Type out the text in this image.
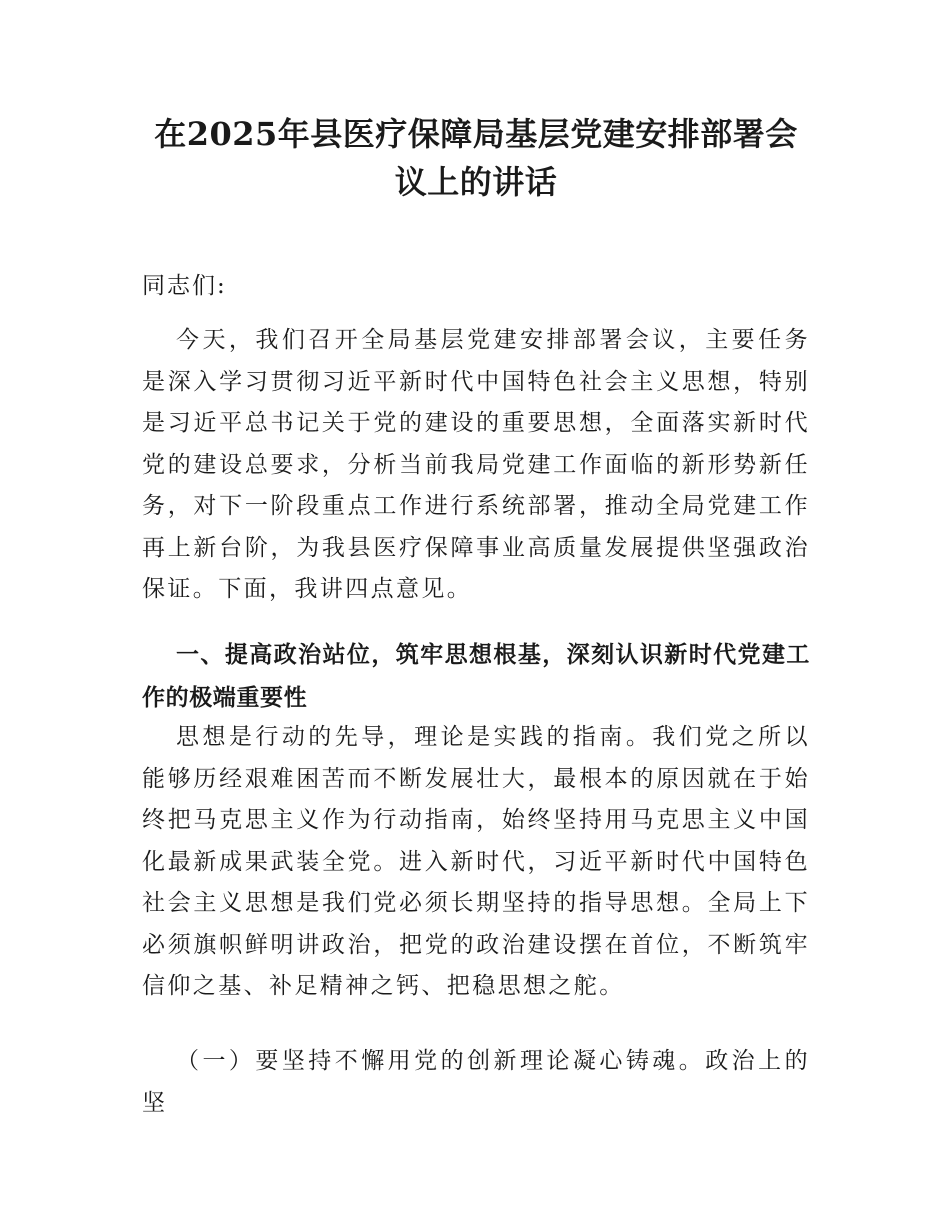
在2025年县医疗保障局基层党建安排部署会议上的讲话

同志们:

今天，我们召开全局基层党建安排部署会议，主要任务是深入学习贯彻习近平新时代中国特色社会主义思想，特别是习近平总书记关于党的建设的重要思想，全面落实新时代党的建设总要求，分析当前我局党建工作面临的新形势新任务，对下一阶段重点工作进行系统部署，推动全局党建工作再上新台阶，为我县医疗保障事业高质量发展提供坚强政治保证。下面，我讲四点意见。

一、提高政治站位，筑牢思想根基，深刻认识新时代党建工作的极端重要性

思想是行动的先导，理论是实践的指南。我们党之所以能够历经艰难困苦而不断发展壮大，最根本的原因就在于始终把马克思主义作为行动指南，始终坚持用马克思主义中国化最新成果武装全党。进入新时代，习近平新时代中国特色社会主义思想是我们党必须长期坚持的指导思想。全局上下必须旗帜鲜明讲政治，把党的政治建设摆在首位，不断筑牢信仰之基、补足精神之钙、把稳思想之舵。

（一）要坚持不懈用党的创新理论凝心铸魂。政治上的坚
